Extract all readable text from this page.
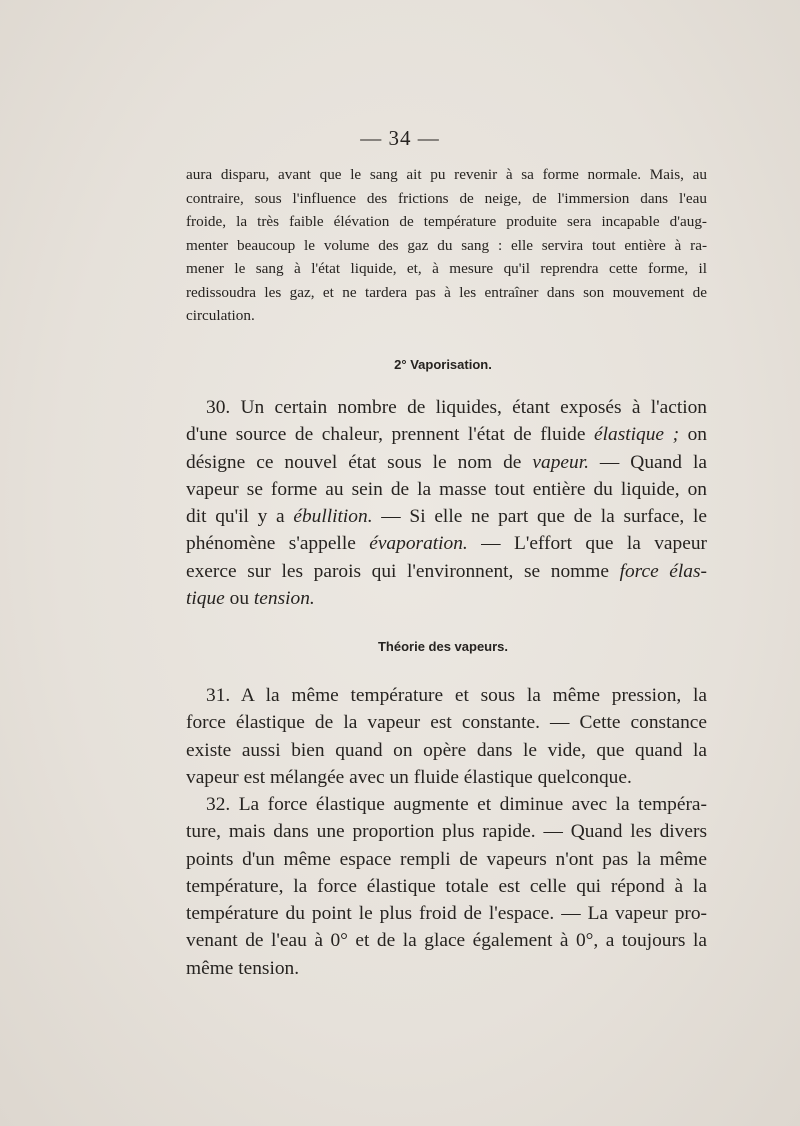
— 34 —
aura disparu, avant que le sang ait pu revenir à sa forme normale. Mais, au
contraire, sous l'influence des frictions de neige, de l'immersion dans l'eau
froide, la très faible élévation de température produite sera incapable d'aug-
menter beaucoup le volume des gaz du sang : elle servira tout entière à ra-
mener le sang à l'état liquide, et, à mesure qu'il reprendra cette forme, il
redissoudra les gaz, et ne tardera pas à les entraîner dans son mouvement de
circulation.
2° Vaporisation.
30. Un certain nombre de liquides, étant exposés à l'action
d'une source de chaleur, prennent l'état de fluide élastique ; on
désigne ce nouvel état sous le nom de vapeur. — Quand la
vapeur se forme au sein de la masse tout entière du liquide, on
dit qu'il y a ébullition. — Si elle ne part que de la surface, le
phénomène s'appelle évaporation. — L'effort que la vapeur
exerce sur les parois qui l'environnent, se nomme force élas-
tique ou tension.
Théorie des vapeurs.
31. A la même température et sous la même pression, la
force élastique de la vapeur est constante. — Cette constance
existe aussi bien quand on opère dans le vide, que quand la
vapeur est mélangée avec un fluide élastique quelconque.
32. La force élastique augmente et diminue avec la tempéra-
ture, mais dans une proportion plus rapide. — Quand les divers
points d'un même espace rempli de vapeurs n'ont pas la même
température, la force élastique totale est celle qui répond à la
température du point le plus froid de l'espace. — La vapeur pro-
venant de l'eau à 0° et de la glace également à 0°, a toujours la
même tension.
